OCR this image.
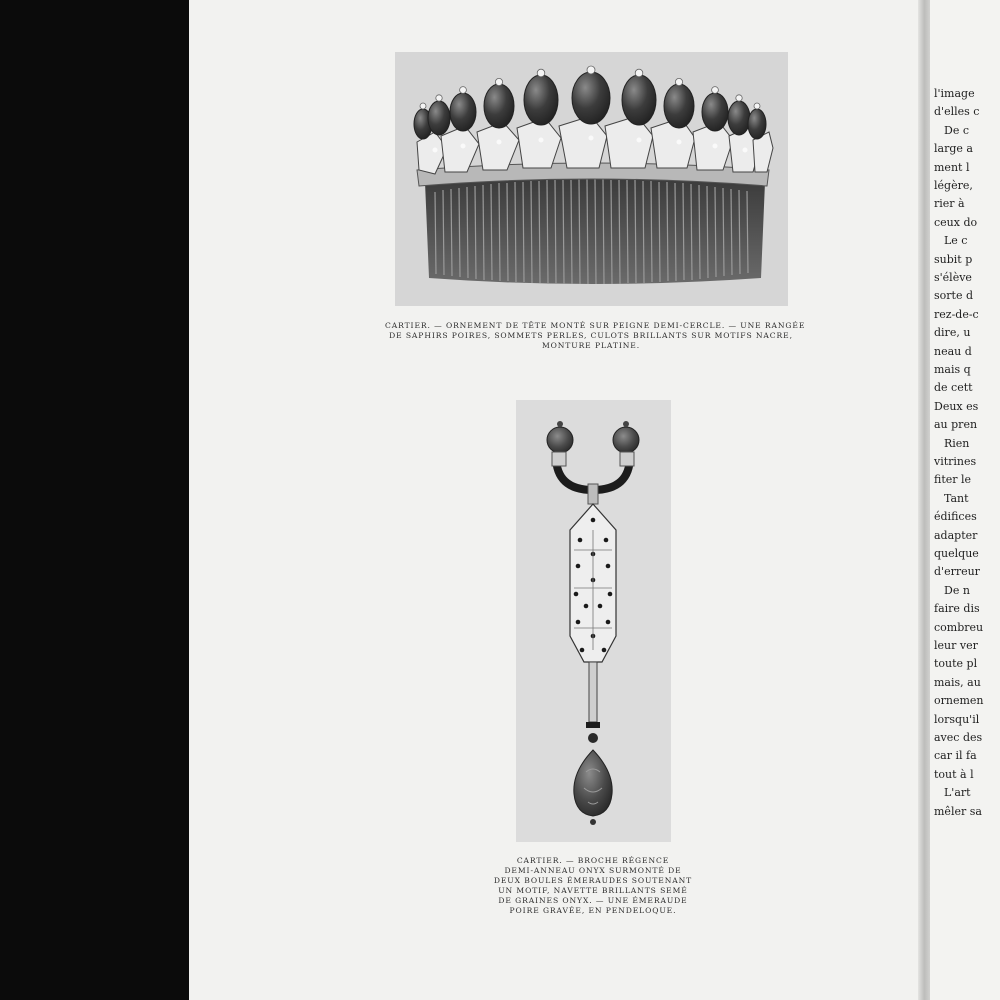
CARTIER. — ORNEMENT DE TÊTE MONTÉ SUR PEIGNE DEMI-CERCLE. — UNE RANGÉE
DE SAPHIRS POIRES, SOMMETS PERLES, CULOTS BRILLANTS SUR MOTIFS NACRE,
MONTURE PLATINE.
CARTIER. — BROCHE RÉGENCE
DEMI-ANNEAU ONYX SURMONTÉ DE
DEUX BOULES ÉMERAUDES SOUTENANT
UN MOTIF, NAVETTE BRILLANTS SEMÉ
DE GRAINES ONYX. — UNE ÉMERAUDE
POIRE GRAVÉE, EN PENDELOQUE.
l'image
d'elles c
De c
large a
ment l
légère,
rier à
ceux do
Le c
subit p
s'élève
sorte d
rez-de-c
dire, u
neau d
mais q
de cett
Deux es
au pren
Rien
vitrines
fiter le
Tant
édifices
adapter
quelque
d'erreur
De n
faire dis
combreu
leur ver
toute pl
mais, au
ornemen
lorsqu'il
avec des
car il fa
tout à l
L'art
mêler sa
